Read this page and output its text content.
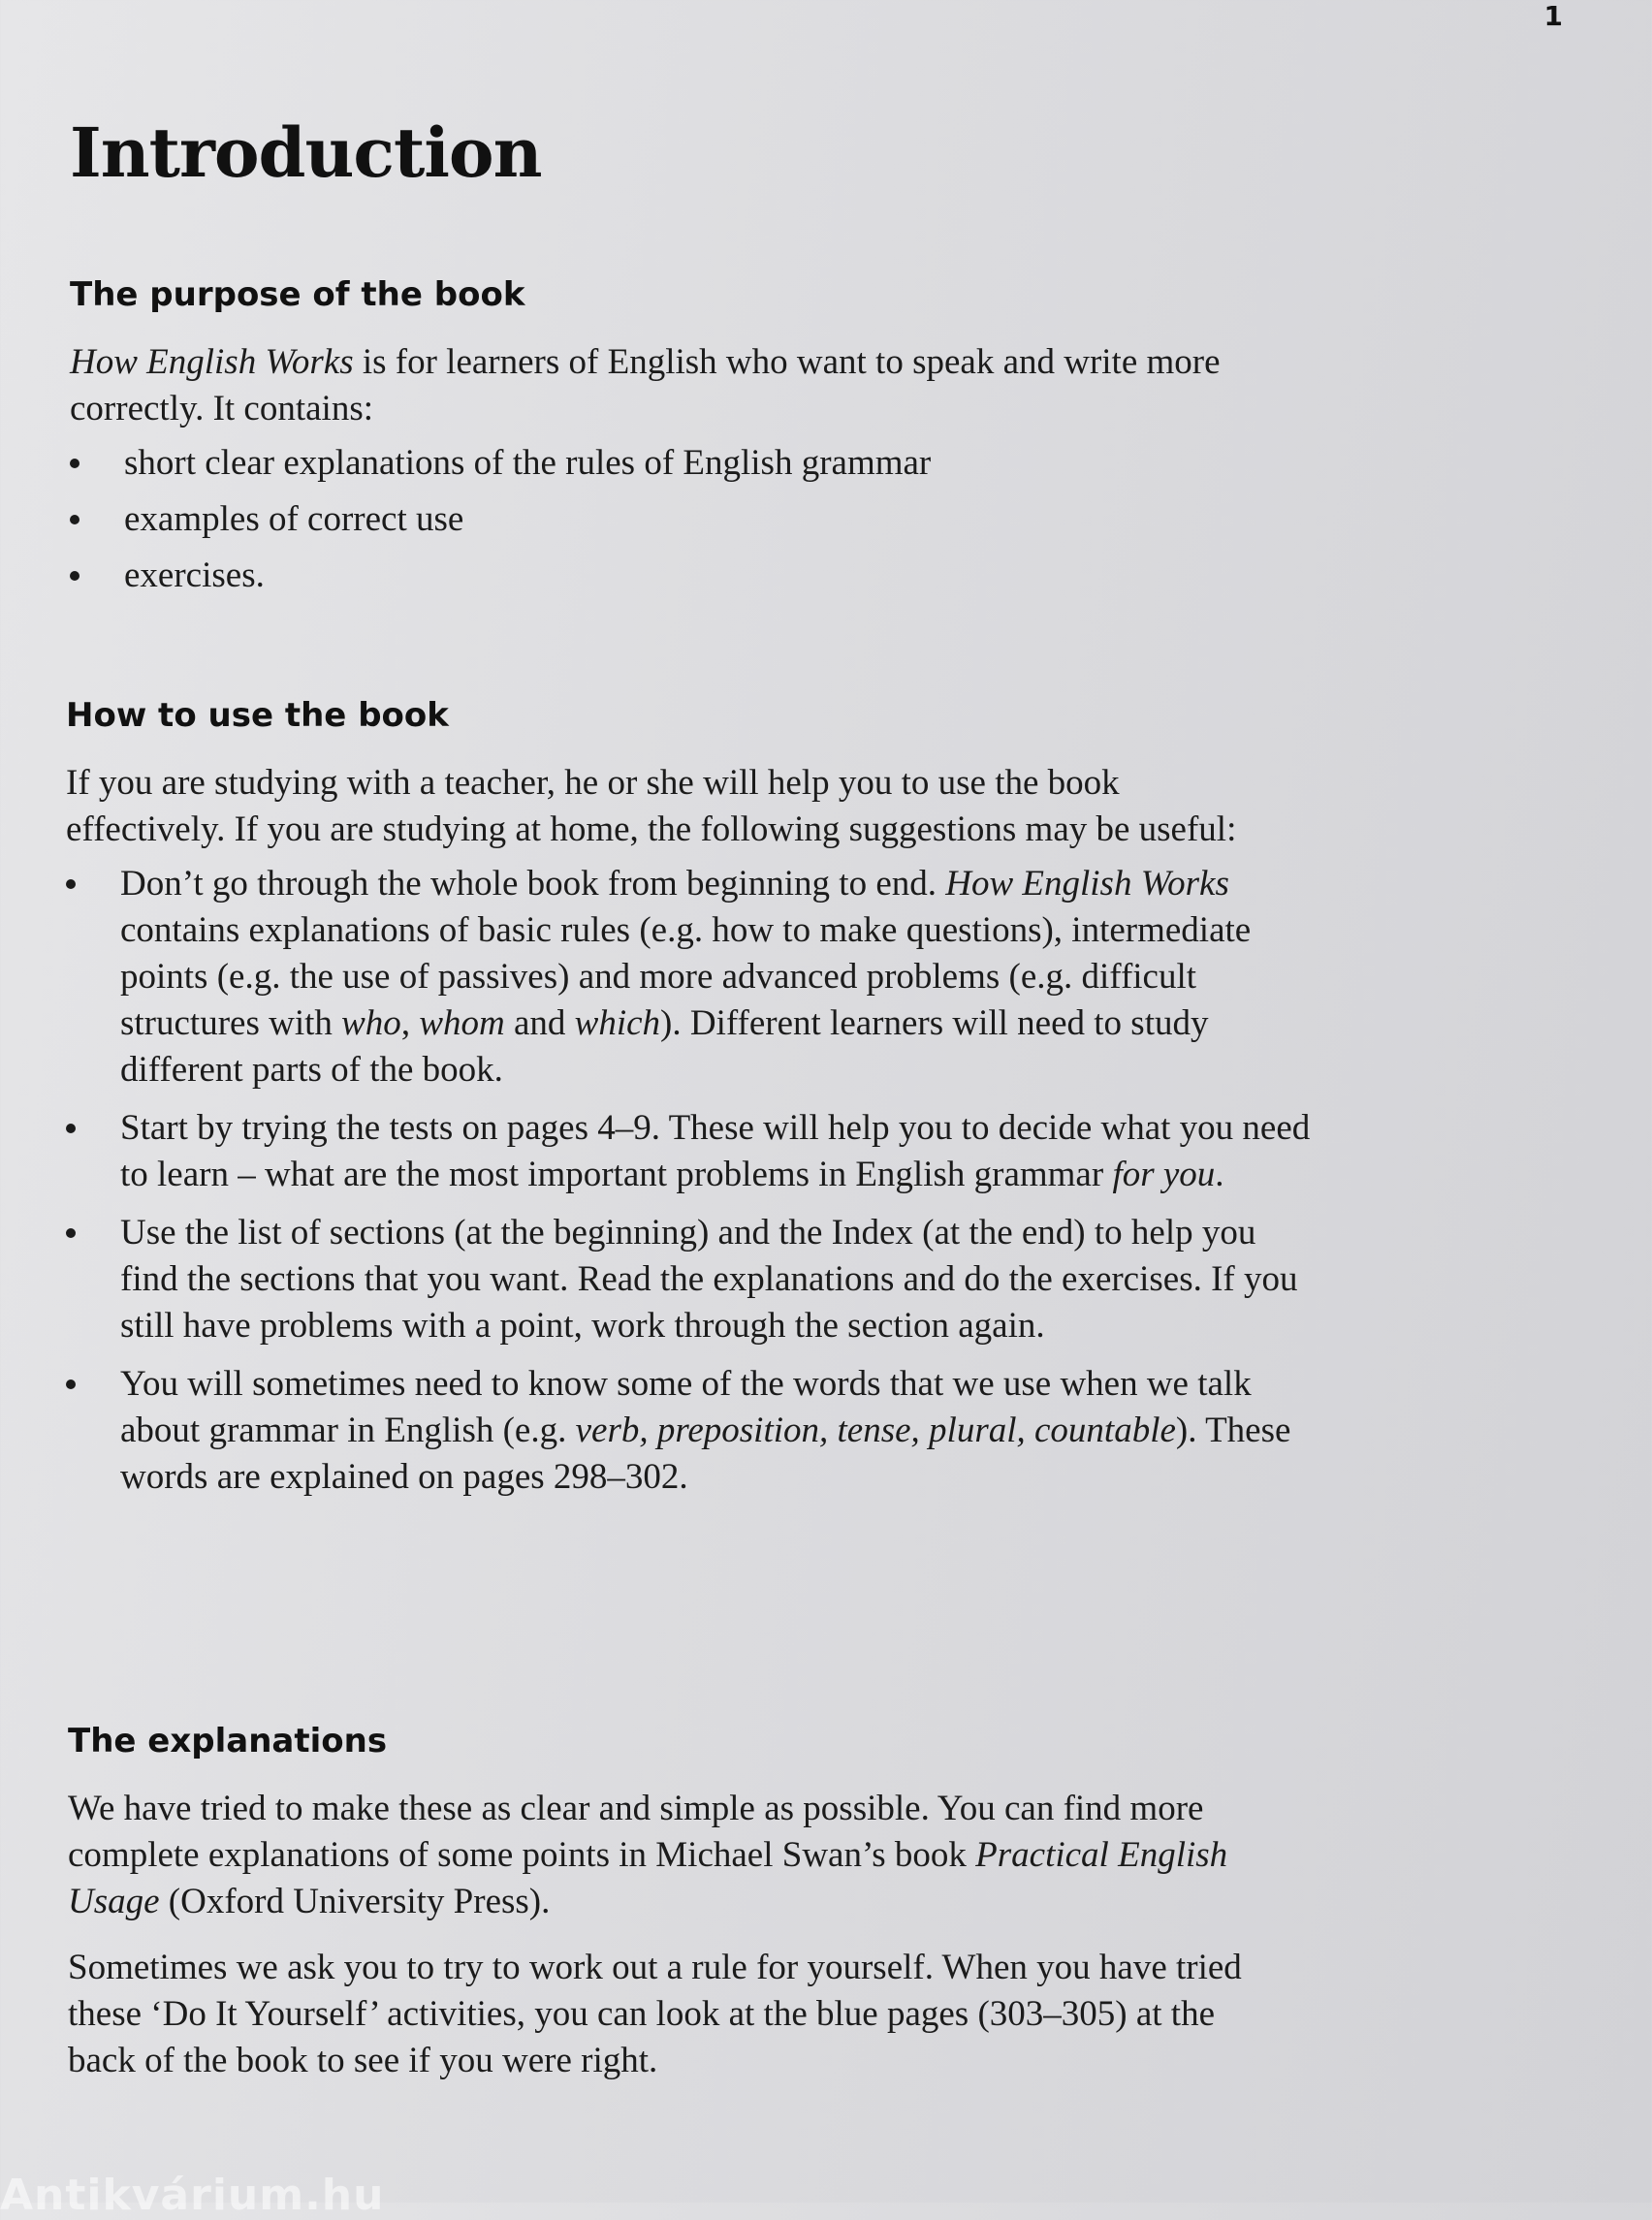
1
Introduction
The purpose of the book

How English Works is for learners of English who want to speak and write more correctly. It contains:

short clear explanations of the rules of English grammar
examples of correct use
exercises.
How to use the book

If you are studying with a teacher, he or she will help you to use the book effectively. If you are studying at home, the following suggestions may be useful:

Don’t go through the whole book from beginning to end. How English Works contains explanations of basic rules (e.g. how to make questions), intermediate points (e.g. the use of passives) and more advanced problems (e.g. difficult structures with who, whom and which). Different learners will need to study different parts of the book.
Start by trying the tests on pages 4–9. These will help you to decide what you need to learn – what are the most important problems in English grammar for you.
Use the list of sections (at the beginning) and the Index (at the end) to help you find the sections that you want. Read the explanations and do the exercises. If you still have problems with a point, work through the section again.
You will sometimes need to know some of the words that we use when we talk about grammar in English (e.g. verb, preposition, tense, plural, countable). These words are explained on pages 298–302.
The explanations

We have tried to make these as clear and simple as possible. You can find more complete explanations of some points in Michael Swan’s book Practical English Usage (Oxford University Press).

Sometimes we ask you to try to work out a rule for yourself. When you have tried these ‘Do It Yourself’ activities, you can look at the blue pages (303–305) at the back of the book to see if you were right.

Antikvárium.hu
